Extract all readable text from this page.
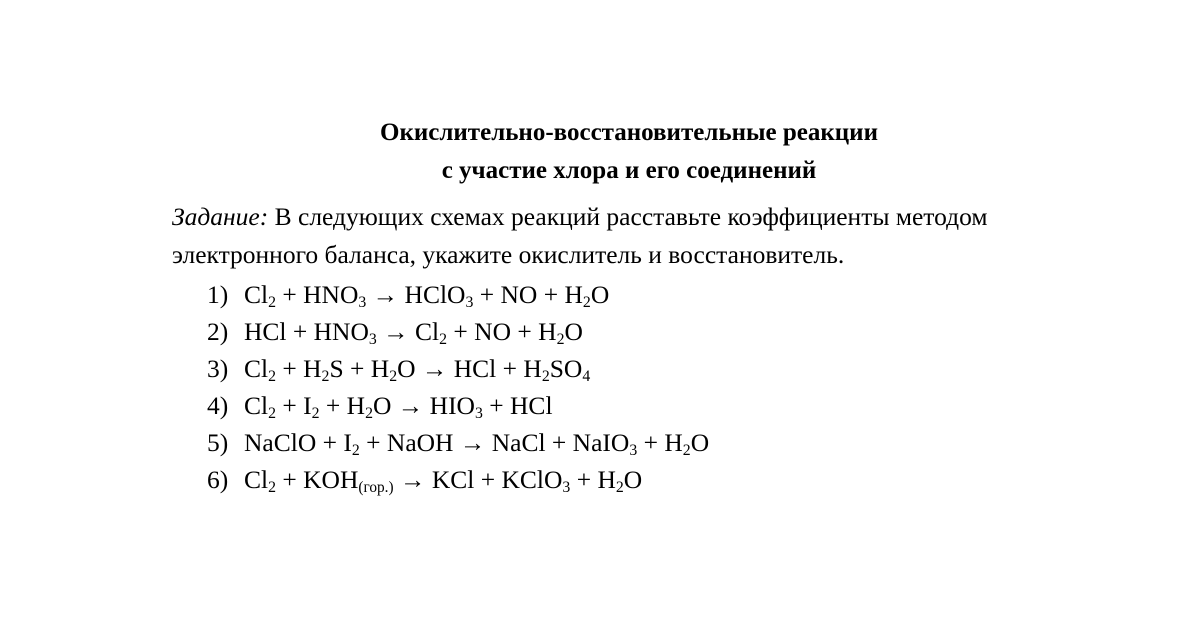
Окислительно-восстановительные реакции
с участие хлора и его соединений

Задание: В следующих схемах реакций расставьте коэффициенты методом электронного баланса, укажите окислитель и восстановитель.

1) $Cl_2 + HNO_3$ → HClO$_3$ + NO + $H_2O$
2) HCl + $HNO_3 \to Cl_2$ + NO + $H_2O$
3) $Cl_2 + H_2S + H_2O$ → HCl + $H_2SO_4$
4) $Cl_2 + I_2 + H_2O \to HIO_3$ + HCl
5) NaClO + $I_2$ + NaOH → NaCl + NaIO$_3$ + $H_2O$
6) $Cl_2 + KOH_{(гор.)}$ → KCl + KClO$_3$ + $H_2O$
